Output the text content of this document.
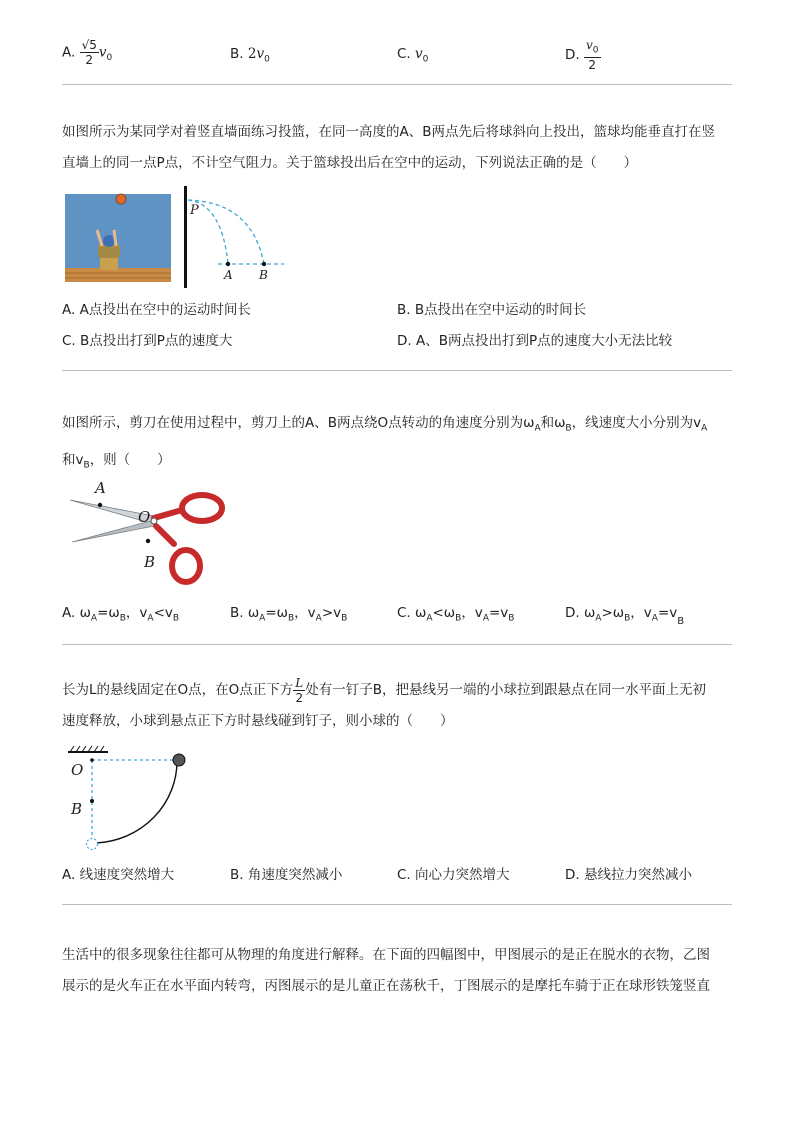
A. $\frac{√5}{2} v_0$	B. $2v_0$	C. $v_0$	D. $\frac{v_0}{2}$
如图所示为某同学对着竖直墙面练习投篮，在同一高度的A、B两点先后将球斜向上投出，篮球均能垂直打在竖
直墙上的同一点P点，不计空气阻力。关于篮球投出后在空中的运动，下列说法正确的是（　　）
P
A B
A. A点投出在空中的运动时间长	B. B点投出在空中运动的时间长
C. B点投出打到P点的速度大	D. A、B两点投出打到P点的速度大小无法比较
如图所示，剪刀在使用过程中，剪刀上的A、B两点绕O点转动的角速度分别为$\omega_A$和$\omega_B$，线速度大小分别为$v_A$
和$v_B$，则（　　）
A
O
B
A. $\omega_A=\omega_B$，$v_A<v_B$	B. $\omega_A=\omega_B$，$v_A>v_B$	C. $\omega_A<\omega_B$，$v_A=v_B$	D. $\omega_A>\omega_B$，$v_A=v_B$
长为L的悬线固定在O点，在O点正下方 $\frac{L}{2}$ 处有一钉子B，把悬线另一端的小球拉到跟悬点在同一水平面上无初
速度释放，小球到悬点正下方时悬线碰到钉子，则小球的（　　）
O
B
A. 线速度突然增大	B. 角速度突然减小	C. 向心力突然增大	D. 悬线拉力突然减小
生活中的很多现象往往都可从物理的角度进行解释。在下面的四幅图中，甲图展示的是正在脱水的衣物，乙图
展示的是火车正在水平面内转弯，丙图展示的是儿童正在荡秋千，丁图展示的是摩托车骑于正在球形铁笼竖直
